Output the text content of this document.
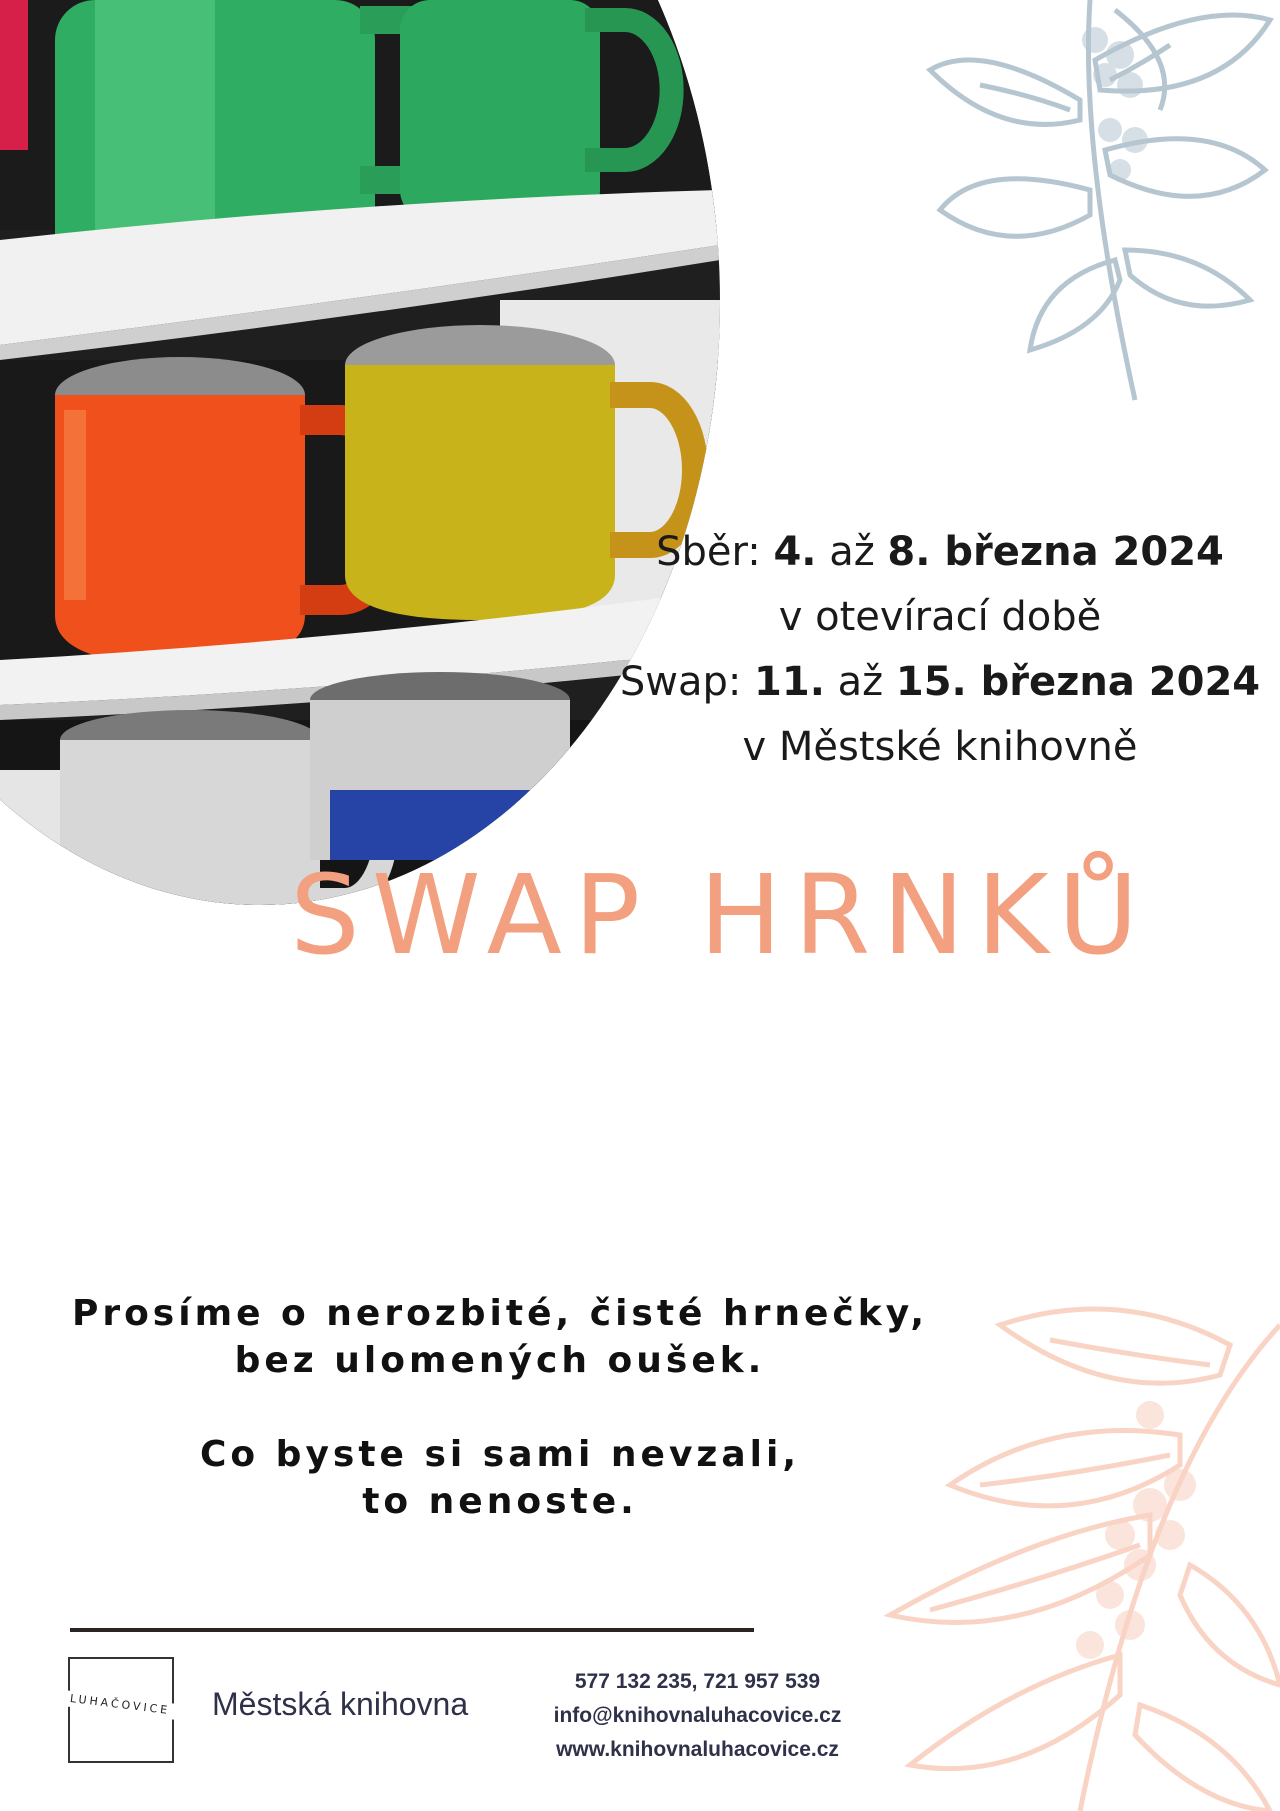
Sběr: 4. až 8. března 2024
v otevírací době
Swap: 11. až 15. března 2024
v Městské knihovně
SWAP HRNKŮ

Prosíme o nerozbité, čisté hrnečky,

bez ulomených oušek.

Co byste si sami nevzali,

to nenoste.

LUHAČOVICE	Městská knihovna
577 132 235, 721 957 539
info@knihovnaluhacovice.cz
www.knihovnaluhacovice.cz
